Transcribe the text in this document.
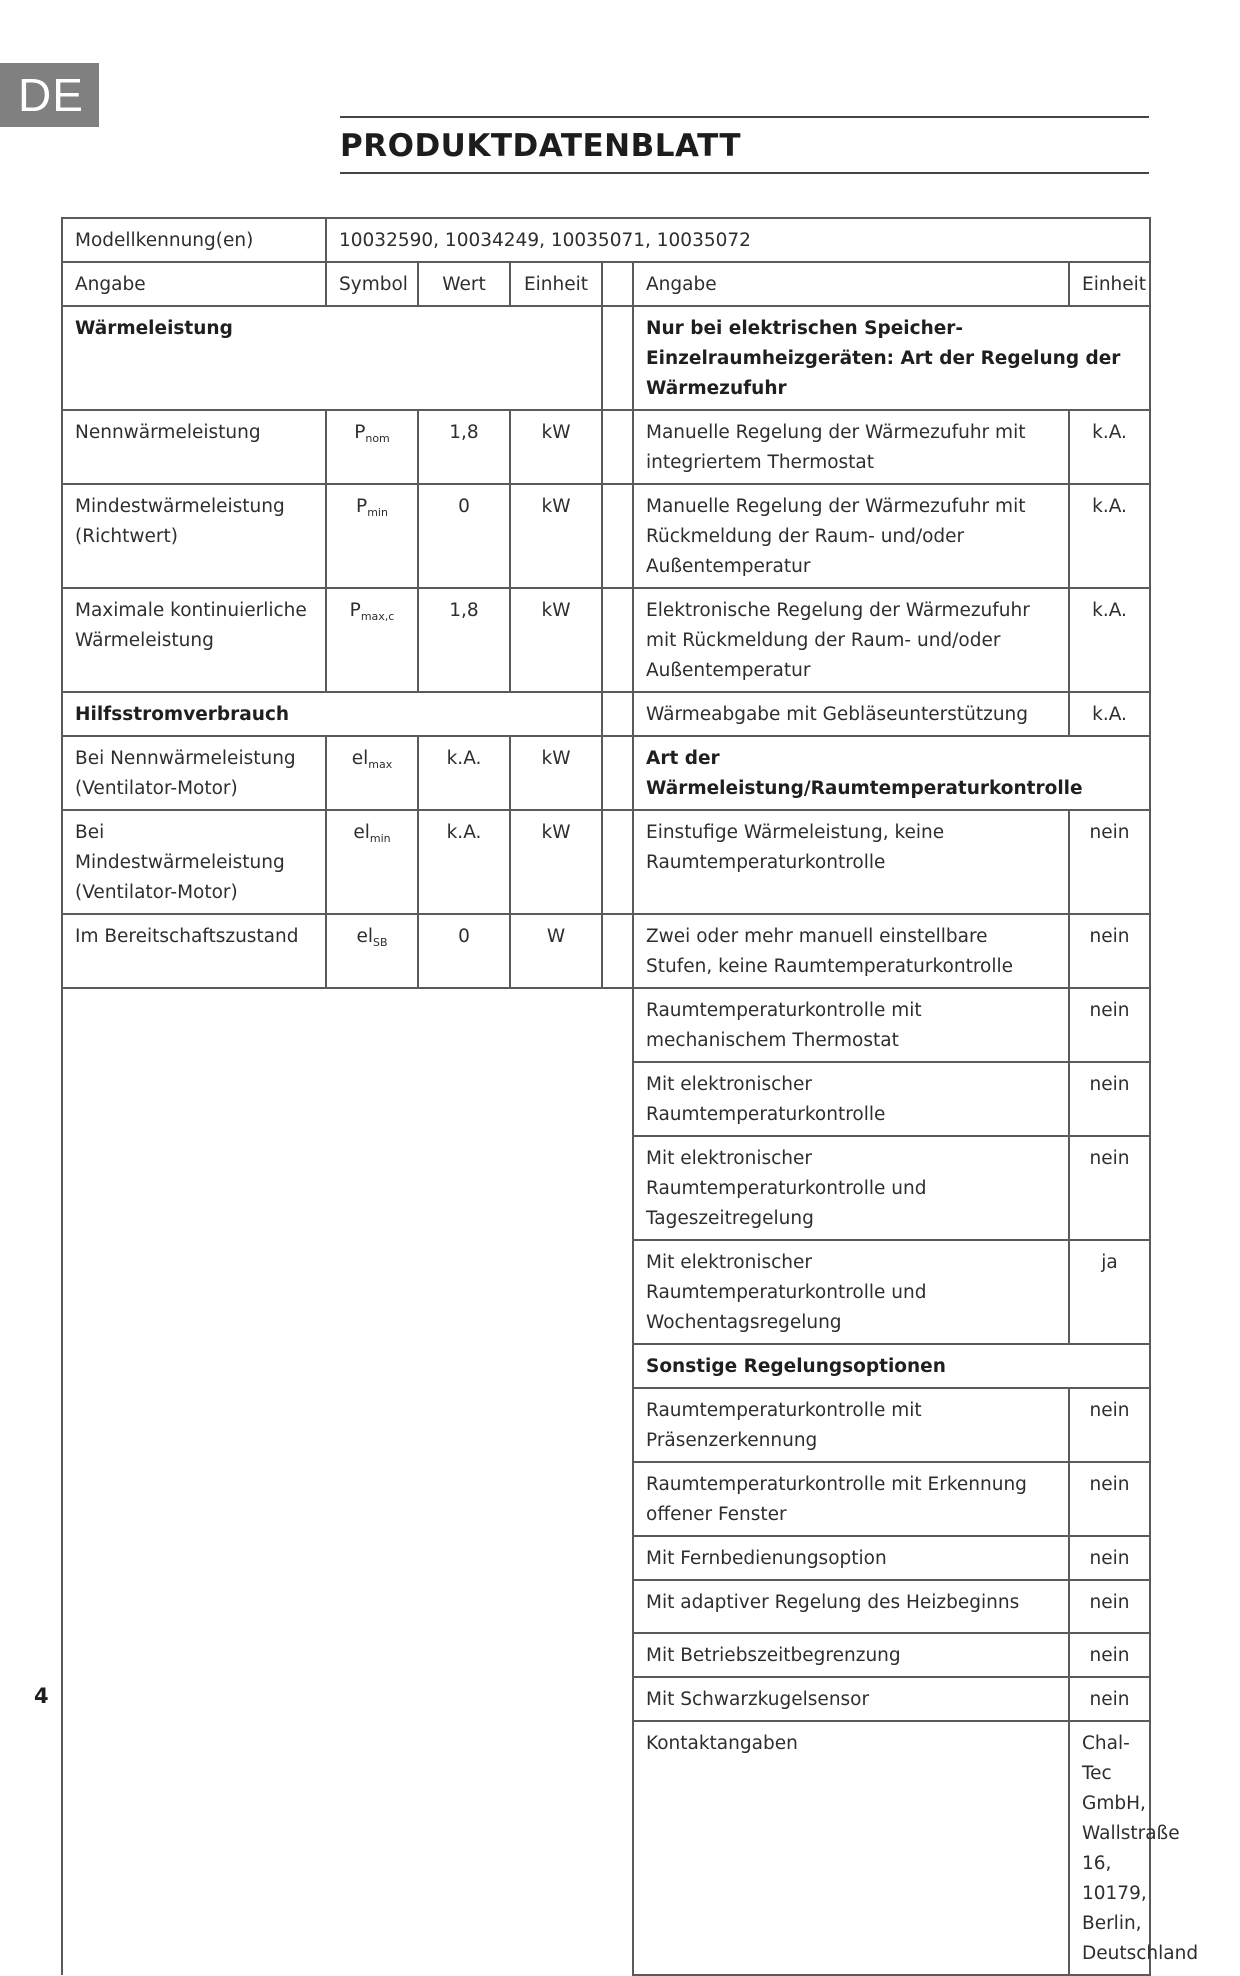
DE
PRODUKTDATENBLATT
Modellkennung(en)	10032590, 10034249, 10035071, 10035072					
Angabe	Symbol	Wert	Einheit		Angabe	Einheit
Wärmeleistung					Nur bei elektrischen Speicher-Einzelraumheizgeräten: Art der Regelung der Wärmezufuhr	
Nennwärmeleistung	$P_{nom}$	1,8	kW		Manuelle Regelung der Wärmezufuhr mit integriertem Thermostat	k.A.
Mindestwärmeleistung (Richtwert)	$P_{min}$	0	kW		Manuelle Regelung der Wärmezufuhr mit Rückmeldung der Raum- und/oder Außentemperatur	k.A.
Maximale kontinuierliche Wärmeleistung	$P_{max,c}$	1,8	kW		Elektronische Regelung der Wärmezufuhr mit Rückmeldung der Raum- und/oder Außentemperatur	k.A.
Hilfsstromverbrauch					Wärmeabgabe mit Gebläseunterstützung	k.A.
Bei Nennwärmeleistung (Ventilator-Motor)	$el_{max}$	k.A.	kW		Art der Wärmeleistung/Raumtemperaturkontrolle	
Bei Mindestwärmeleistung (Ventilator-Motor)	$el_{min}$	k.A.	kW		Einstufige Wärmeleistung, keine Raumtemperaturkontrolle	nein
Im Bereitschaftszustand	$el_{SB}$	0	W		Zwei oder mehr manuell einstellbare Stufen, keine Raumtemperaturkontrolle	nein
					Raumtemperaturkontrolle mit mechanischem Thermostat	nein
					Mit elektronischer Raumtemperaturkontrolle	nein
					Mit elektronischer Raumtemperaturkontrolle und Tageszeitregelung	nein
					Mit elektronischer Raumtemperaturkontrolle und Wochentagsregelung	ja
					Sonstige Regelungsoptionen	
					Raumtemperaturkontrolle mit Präsenzerkennung	nein
					Raumtemperaturkontrolle mit Erkennung offener Fenster	nein
					Mit Fernbedienungsoption	nein
					Mit adaptiver Regelung des Heizbeginns	nein
					Mit Betriebszeitbegrenzung	nein
					Mit Schwarzkugelsensor	nein
					Kontaktangaben	Chal-Tec GmbH, Wallstraße 16, 10179, Berlin, Deutschland
4
